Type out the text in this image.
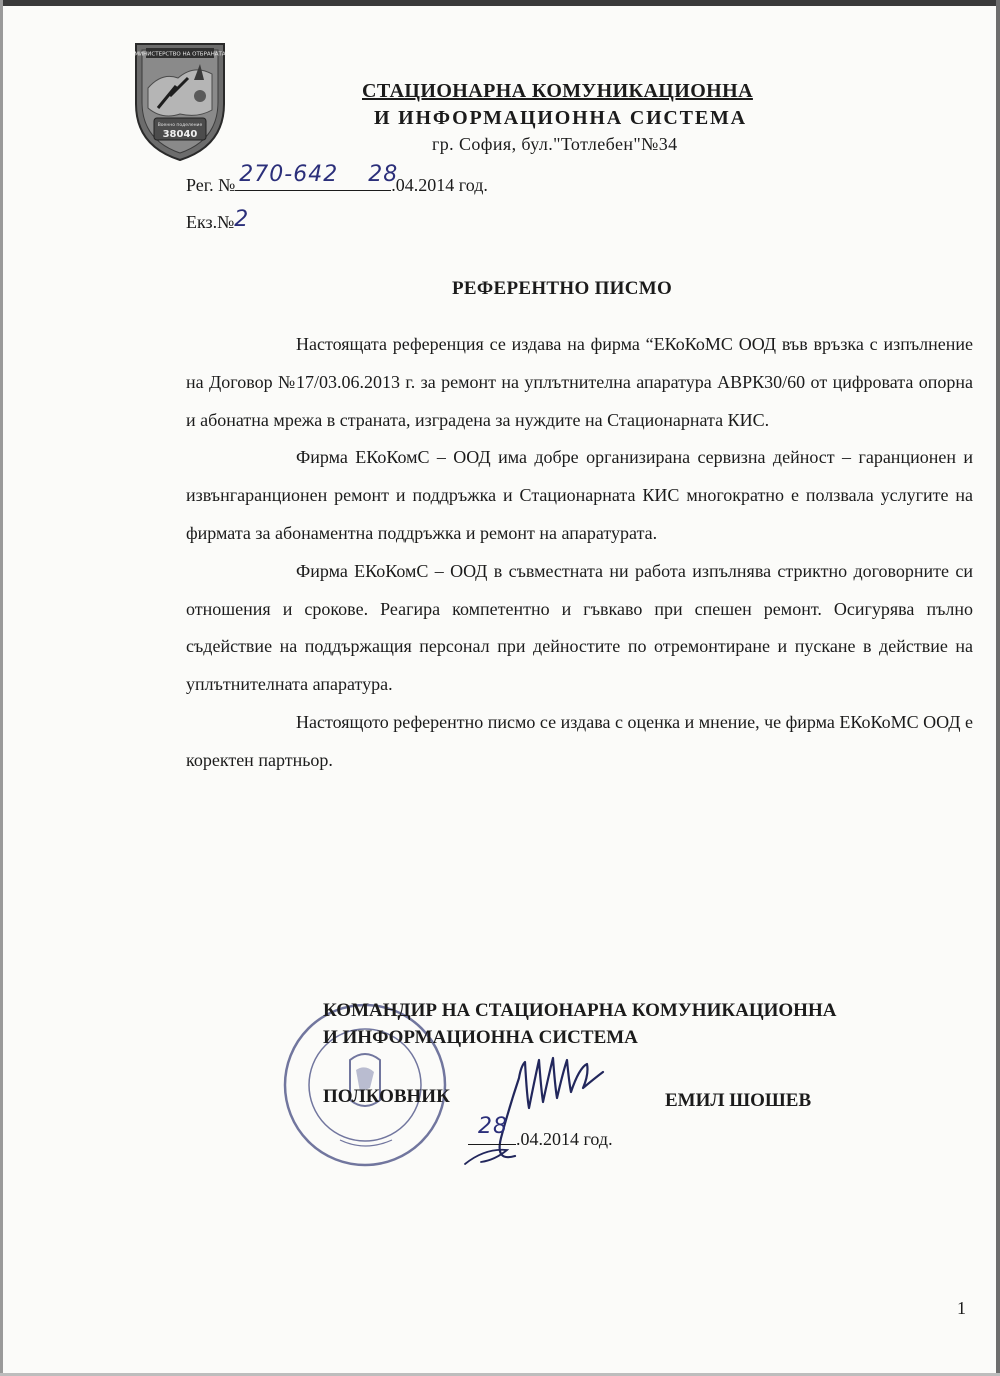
МИНИСТЕРСТВО НА ОТБРАНАТА
Военно поделение
38040
СТАЦИОНАРНА КОМУНИКАЦИОННА
И ИНФОРМАЦИОННА СИСТЕМА
гр. София, бул."Тотлебен"№34
Рег. № 270-642 28
.04.2014 год.
Екз.№2
РЕФЕРЕНТНО ПИСМО

Настоящата референция се издава на фирма “ЕКоКоМС ООД във връзка с изпълнение на Договор №17/03.06.2013 г. за ремонт на уплътнителна апаратура АВРК30/60 от цифровата опорна и абонатна мрежа в страната, изградена за нуждите на Стационарната КИС.

Фирма ЕКоКомС – ООД има добре организирана сервизна дейност – гаранционен и извънгаранционен ремонт и поддръжка и Стационарната КИС многократно е ползвала услугите на фирмата за абонаментна поддръжка и ремонт на апаратурата.

Фирма ЕКоКомС – ООД в съвместната ни работа изпълнява стриктно договорните си отношения и срокове. Реагира компетентно и гъвкаво при спешен ремонт. Осигурява пълно съдействие на поддържащия персонал при дейностите по отремонтиране и пускане в действие на уплътнителната апаратура.

Настоящото референтно писмо се издава с оценка и мнение, че фирма ЕКоКоМС ООД е коректен партньор.

КОМАНДИР НА СТАЦИОНАРНА КОМУНИКАЦИОННА
И ИНФОРМАЦИОННА СИСТЕМА
ПОЛКОВНИК	ЕМИЛ ШОШЕВ
28 .04.2014 год.
1
